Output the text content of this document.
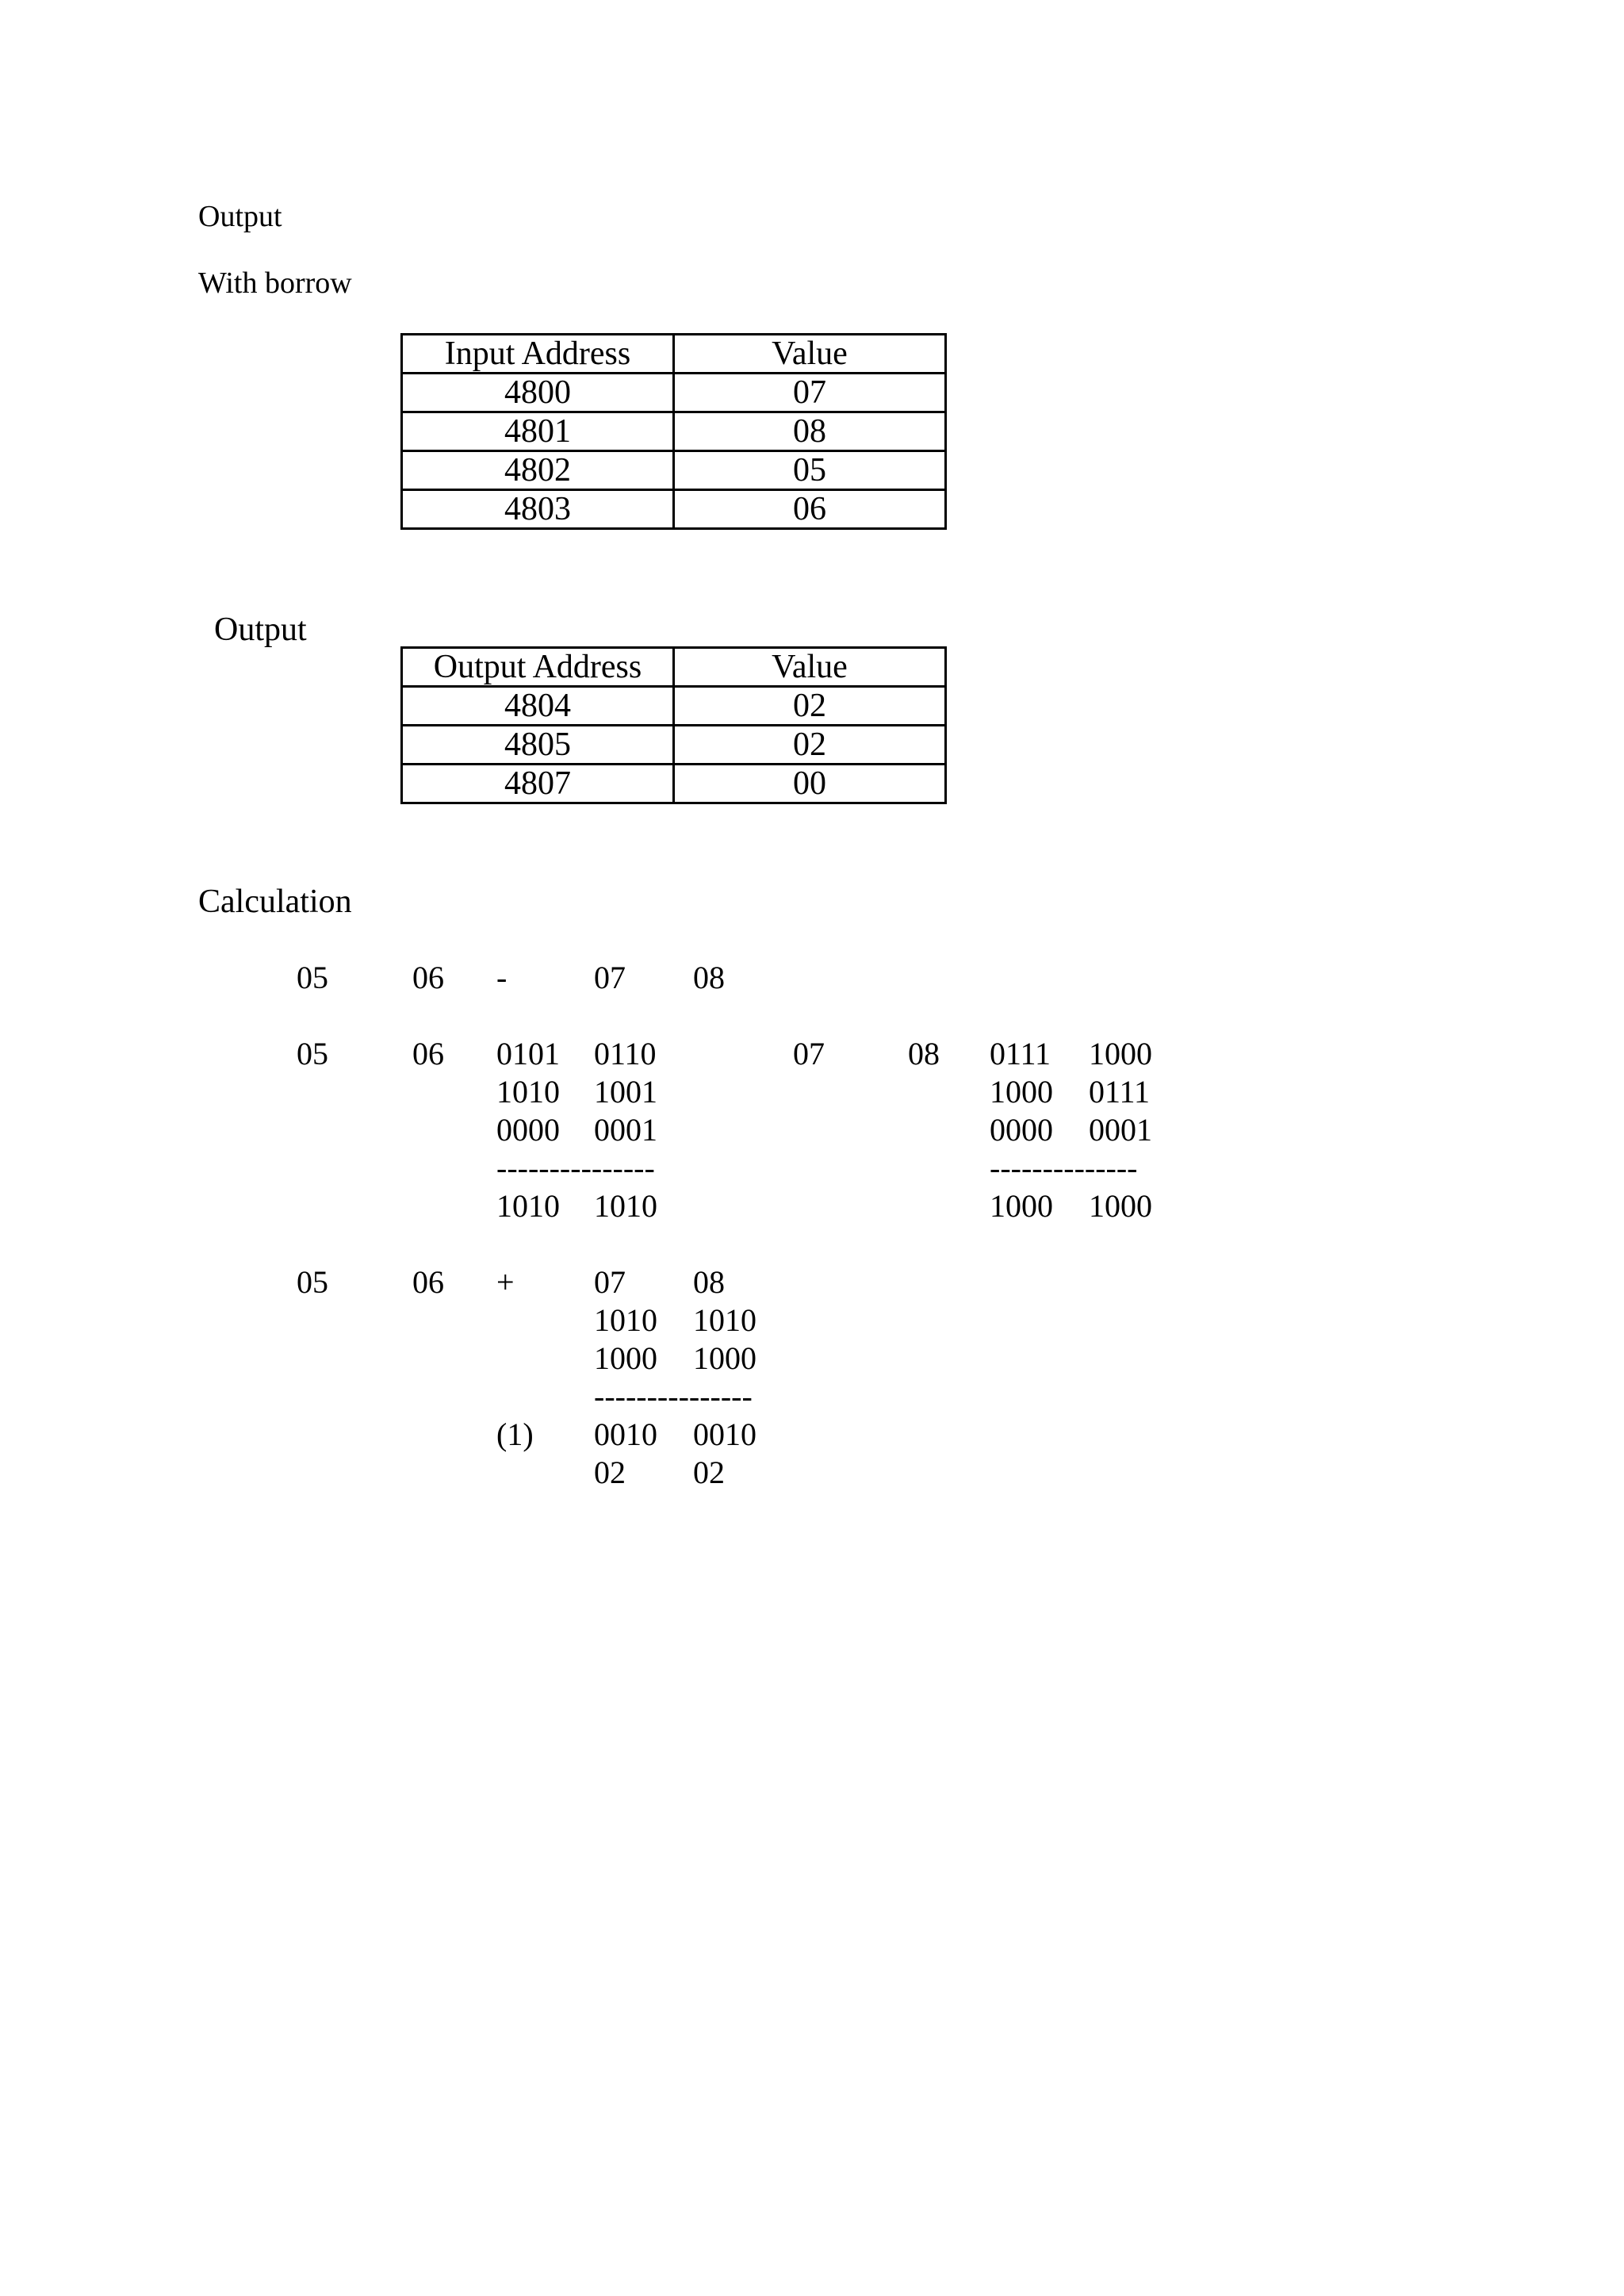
Output
With borrow
Input Address	Value
4800	07
4801	08
4802	05
4803	06
Output
Output Address	Value
4804	02
4805	02
4807	00
Calculation
05	06 -	07 08
05	06 0101 0110
1010 1001
0000 0001
---------------
1010 1010
07	08 0111 1000
1000 0111
0000 0001
--------------
1000 1000
05	06 +	07 08
1010 1010
1000 1000
---------------
(1) 0010 0010
02 02
